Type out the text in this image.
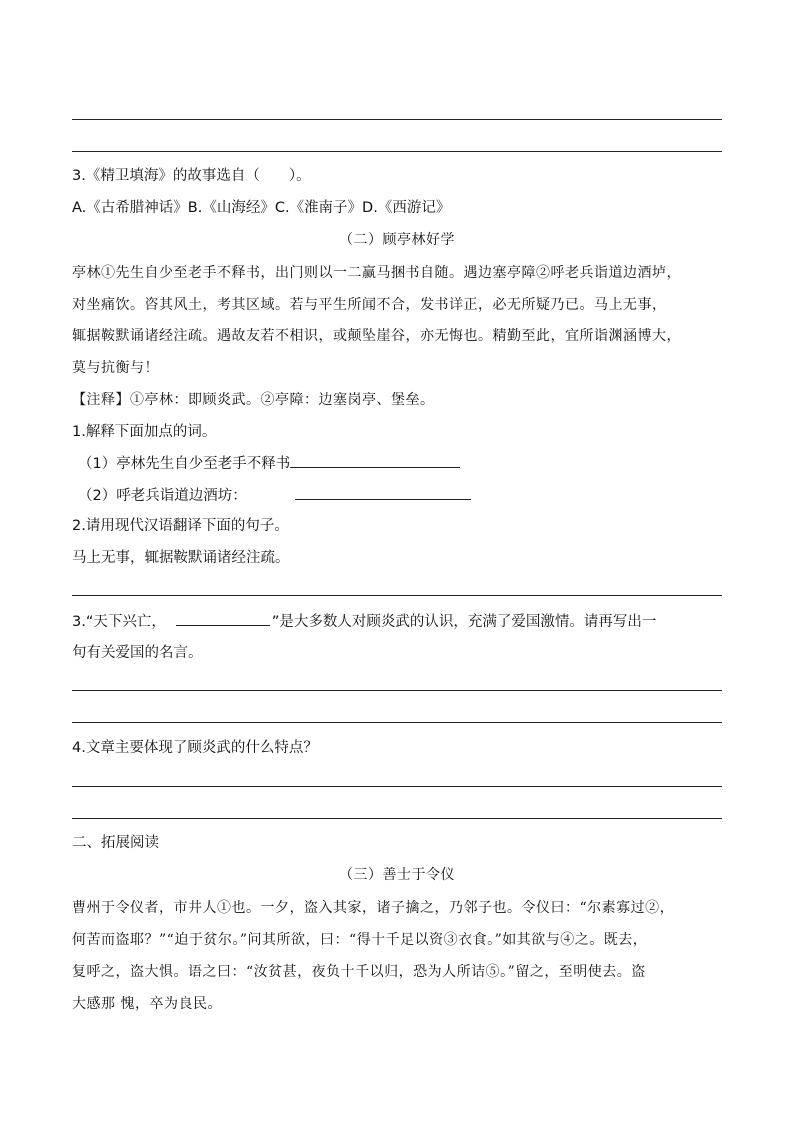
3.《精卫填海》的故事选自（　　）。
A.《古希腊神话》B.《山海经》C.《淮南子》D.《西游记》
（二）顾亭林好学
亭林①先生自少至老手不释书，出门则以一二赢马捆书自随。遇边塞亭障②呼老兵诣道边酒垆，
对坐痛饮。咨其风土，考其区域。若与平生所闻不合，发书详正，必无所疑乃已。马上无事，
辄据鞍默诵诸经注疏。遇故友若不相识，或颠坠崖谷，亦无悔也。精勤至此，宜所诣渊涵博大，
莫与抗衡与！
【注释】①亭林：即顾炎武。②亭障：边塞岗亭、堡垒。
1.解释下面加点的词。
（1）亭林先生自少至老手不释书
（2）呼老兵诣道边酒坊：
2.请用现代汉语翻译下面的句子。
马上无事，辄据鞍默诵诸经注疏。
3.“天下兴亡，	”是大多数人对顾炎武的认识，充满了爱国激情。请再写出一
句有关爱国的名言。
4.文章主要体现了顾炎武的什么特点？
二、拓展阅读
（三）善士于令仪
曹州于令仪者，市井人①也。一夕，盗入其家，诸子擒之，乃邻子也。令仪曰：“尔素寡过②，
何苦而盗耶？”“迫于贫尔。”问其所欲，曰：“得十千足以资③衣食。”如其欲与④之。既去，
复呼之，盗大惧。语之曰：“汝贫甚，夜负十千以归，恐为人所诘⑤。”留之，至明使去。盗
大感那 愧，卒为良民。
